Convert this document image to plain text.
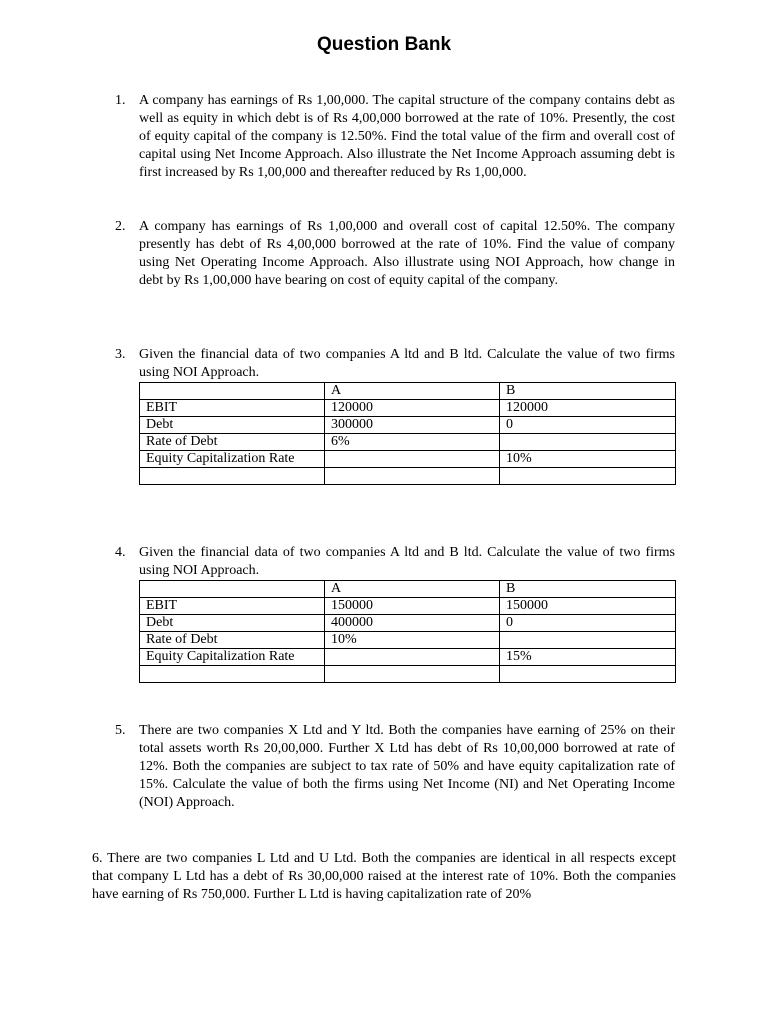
Question Bank
1. A company has earnings of Rs 1,00,000. The capital structure of the company contains debt as well as equity in which debt is of Rs 4,00,000 borrowed at the rate of 10%. Presently, the cost of equity capital of the company is 12.50%. Find the total value of the firm and overall cost of capital using Net Income Approach. Also illustrate the Net Income Approach assuming debt is first increased by Rs 1,00,000 and thereafter reduced by Rs 1,00,000.
2. A company has earnings of Rs 1,00,000 and overall cost of capital 12.50%. The company presently has debt of Rs 4,00,000 borrowed at the rate of 10%. Find the value of company using Net Operating Income Approach. Also illustrate using NOI Approach, how change in debt by Rs 1,00,000 have bearing on cost of equity capital of the company.
3. Given the financial data of two companies A ltd and B ltd. Calculate the value of two firms using NOI Approach.
	A	B
EBIT	120000	120000
Debt	300000	0
Rate of Debt	6%	
Equity Capitalization Rate		10%

4. Given the financial data of two companies A ltd and B ltd. Calculate the value of two firms using NOI Approach.
	A	B
EBIT	150000	150000
Debt	400000	0
Rate of Debt	10%	
Equity Capitalization Rate		15%

5. There are two companies X Ltd and Y ltd. Both the companies have earning of 25% on their total assets worth Rs 20,00,000. Further X Ltd has debt of Rs 10,00,000 borrowed at rate of 12%. Both the companies are subject to tax rate of 50% and have equity capitalization rate of 15%. Calculate the value of both the firms using Net Income (NI) and Net Operating Income (NOI) Approach.
6. There are two companies L Ltd and U Ltd. Both the companies are identical in all respects except that company L Ltd has a debt of Rs 30,00,000 raised at the interest rate of 10%. Both the companies have earning of Rs 750,000. Further L Ltd is having capitalization rate of 20%
